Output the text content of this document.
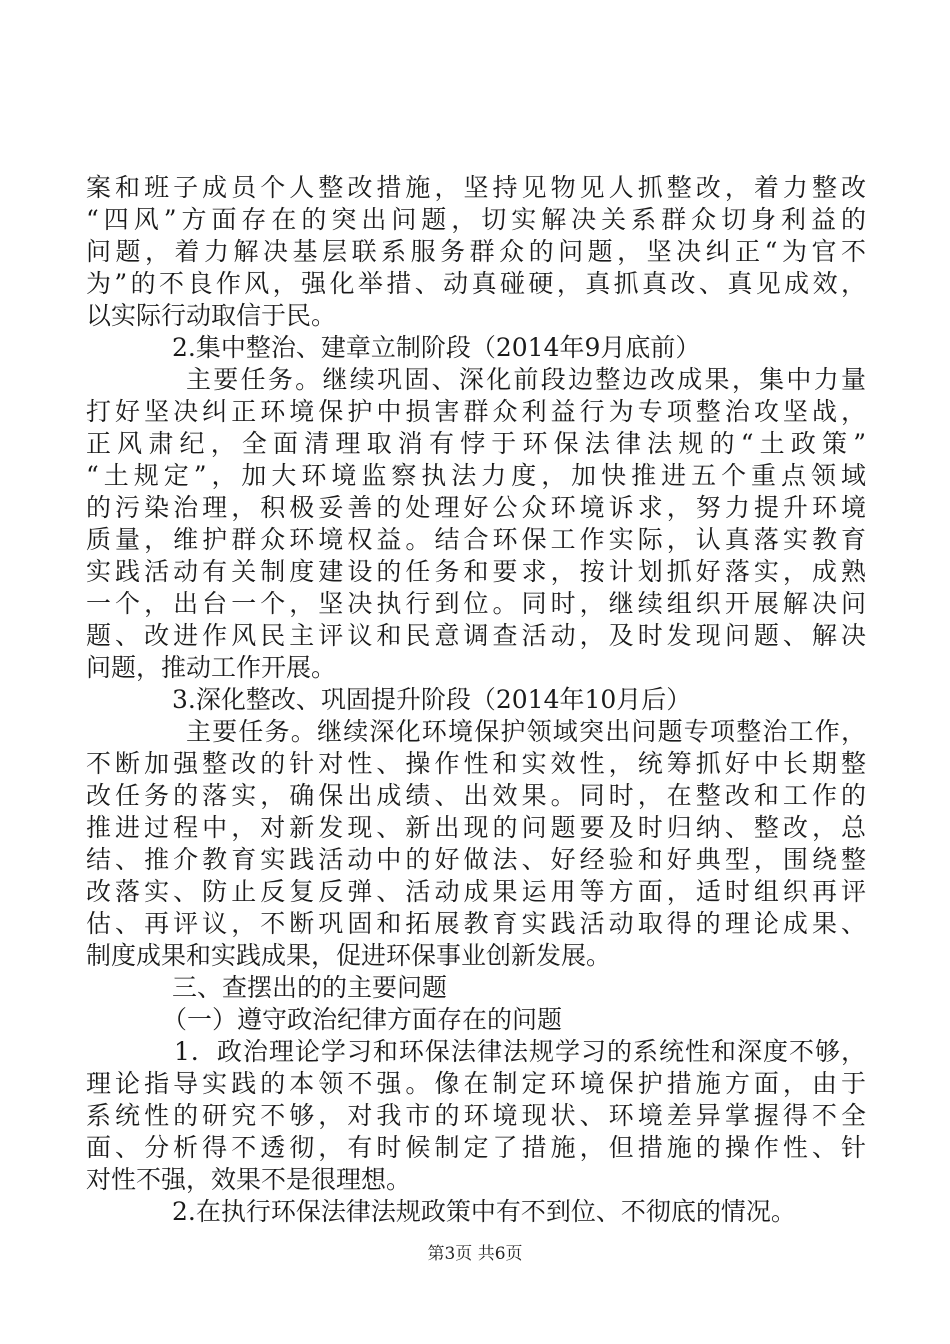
案和班子成员个人整改措施，坚持见物见人抓整改，着力整改
“四风”方面存在的突出问题，切实解决关系群众切身利益的
问题，着力解决基层联系服务群众的问题，坚决纠正“为官不
为”的不良作风，强化举措、动真碰硬，真抓真改、真见成效，
以实际行动取信于民。
2.集中整治、建章立制阶段（2014年9月底前）
主要任务。继续巩固、深化前段边整边改成果，集中力量
打好坚决纠正环境保护中损害群众利益行为专项整治攻坚战，
正风肃纪，全面清理取消有悖于环保法律法规的“土政策”
“土规定”，加大环境监察执法力度，加快推进五个重点领域
的污染治理，积极妥善的处理好公众环境诉求，努力提升环境
质量，维护群众环境权益。结合环保工作实际，认真落实教育
实践活动有关制度建设的任务和要求，按计划抓好落实，成熟
一个，出台一个，坚决执行到位。同时，继续组织开展解决问
题、改进作风民主评议和民意调查活动，及时发现问题、解决
问题，推动工作开展。
3.深化整改、巩固提升阶段（2014年10月后）
主要任务。继续深化环境保护领域突出问题专项整治工作，
不断加强整改的针对性、操作性和实效性，统筹抓好中长期整
改任务的落实，确保出成绩、出效果。同时，在整改和工作的
推进过程中，对新发现、新出现的问题要及时归纳、整改，总
结、推介教育实践活动中的好做法、好经验和好典型，围绕整
改落实、防止反复反弹、活动成果运用等方面，适时组织再评
估、再评议，不断巩固和拓展教育实践活动取得的理论成果、
制度成果和实践成果，促进环保事业创新发展。
三、查摆出的的主要问题
（一）遵守政治纪律方面存在的问题
1．政治理论学习和环保法律法规学习的系统性和深度不够，
理论指导实践的本领不强。像在制定环境保护措施方面，由于
系统性的研究不够，对我市的环境现状、环境差异掌握得不全
面、分析得不透彻，有时候制定了措施，但措施的操作性、针
对性不强，效果不是很理想。
2.在执行环保法律法规政策中有不到位、不彻底的情况。
第3页 共6页
